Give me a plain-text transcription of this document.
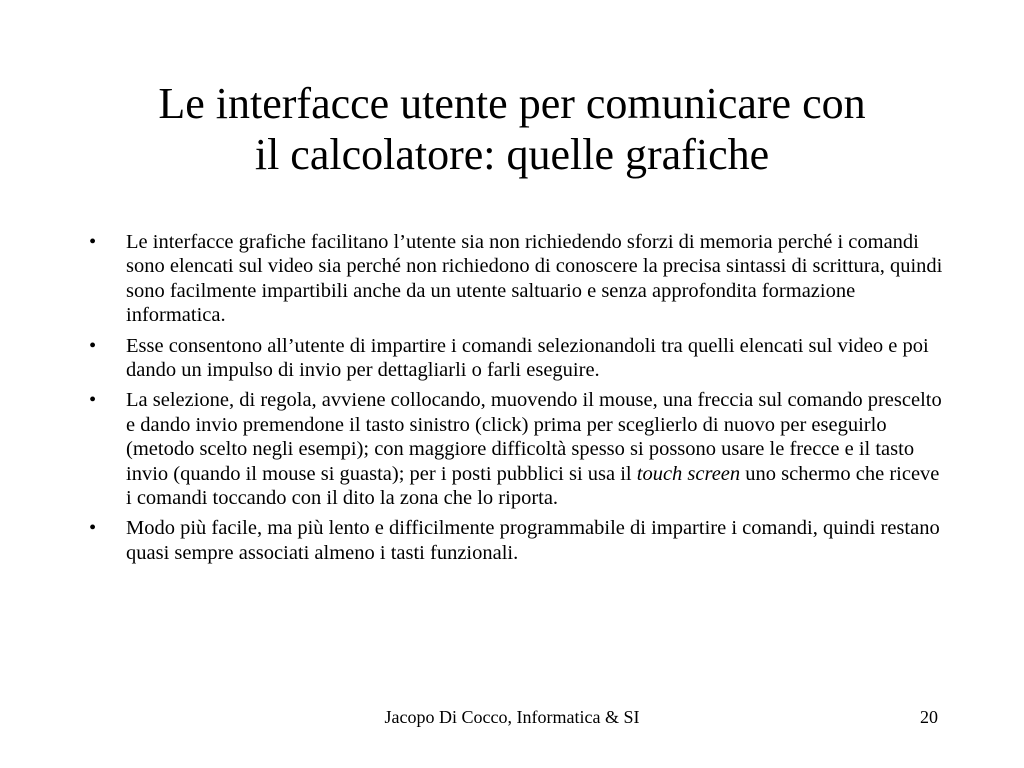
Le interfacce utente per comunicare con
il calcolatore: quelle grafiche
• Le interfacce grafiche facilitano l’utente sia non richiedendo sforzi di memoria perché i comandi sono elencati sul video sia perché non richiedono di conoscere la precisa sintassi di scrittura, quindi sono facilmente impartibili anche da un utente saltuario e senza approfondita formazione informatica.
• Esse consentono all’utente di impartire i comandi selezionandoli tra quelli elencati sul video e poi dando un impulso di invio per dettagliarli o farli eseguire.
• La selezione, di regola, avviene collocando, muovendo il mouse, una freccia sul comando prescelto e dando invio premendone il tasto sinistro (click) prima per sceglierlo di nuovo per eseguirlo (metodo scelto negli esempi); con maggiore difficoltà spesso si possono usare le frecce e il tasto invio (quando il mouse si guasta); per i posti pubblici si usa il touch screen uno schermo che riceve i comandi toccando con il dito la zona che lo riporta.
• Modo più facile, ma più lento e difficilmente programmabile di impartire i comandi, quindi restano quasi sempre associati almeno i tasti funzionali.
Jacopo Di Cocco, Informatica & SI	20
